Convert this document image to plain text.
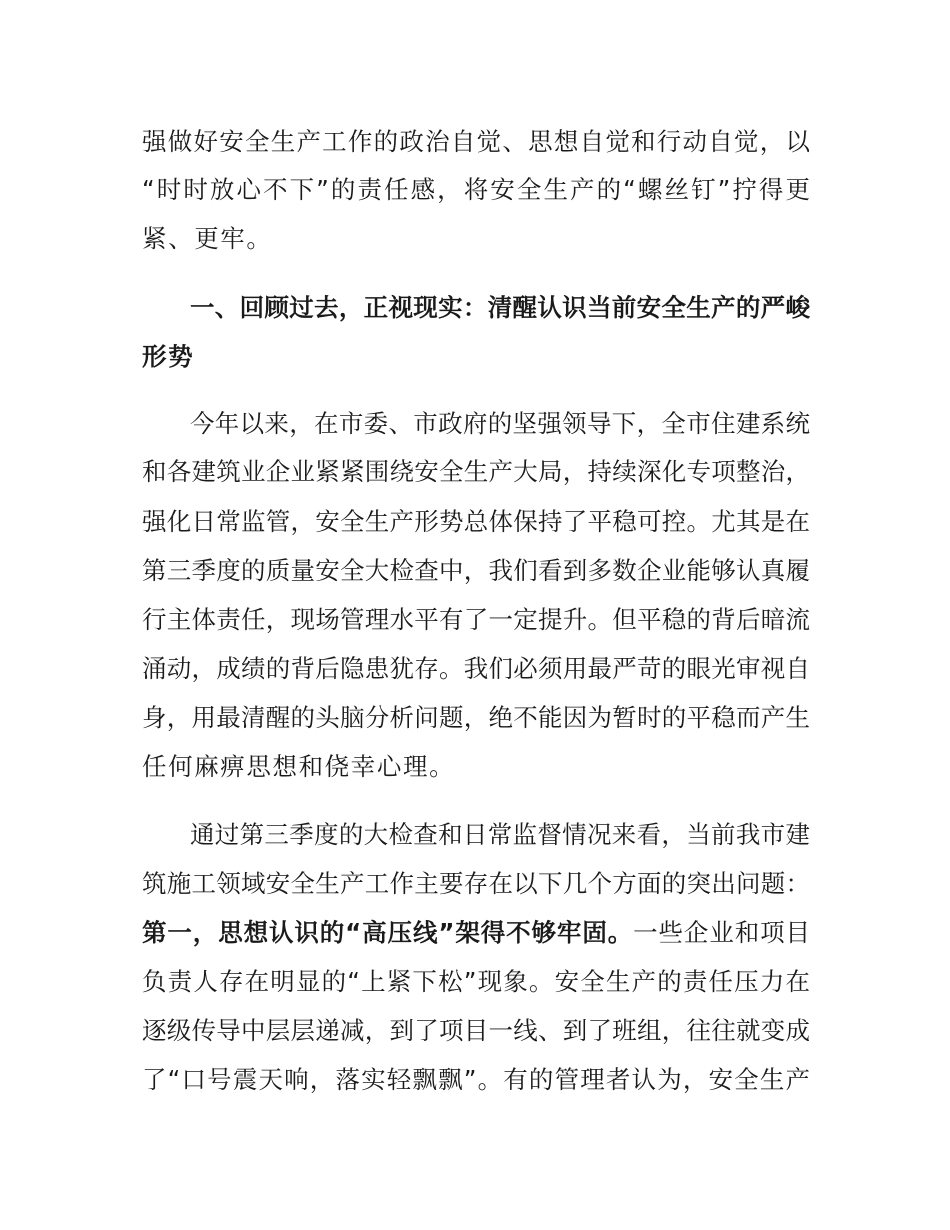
强做好安全生产工作的政治自觉、思想自觉和行动自觉，以
“时时放心不下”的责任感，将安全生产的“螺丝钉”拧得更
紧、更牢。
一、回顾过去，正视现实：清醒认识当前安全生产的严峻
形势
今年以来，在市委、市政府的坚强领导下，全市住建系统
和各建筑业企业紧紧围绕安全生产大局，持续深化专项整治，
强化日常监管，安全生产形势总体保持了平稳可控。尤其是在
第三季度的质量安全大检查中，我们看到多数企业能够认真履
行主体责任，现场管理水平有了一定提升。但平稳的背后暗流
涌动，成绩的背后隐患犹存。我们必须用最严苛的眼光审视自
身，用最清醒的头脑分析问题，绝不能因为暂时的平稳而产生
任何麻痹思想和侥幸心理。
通过第三季度的大检查和日常监督情况来看，当前我市建
筑施工领域安全生产工作主要存在以下几个方面的突出问题：
第一，思想认识的“高压线”架得不够牢固。一些企业和项目
负责人存在明显的“上紧下松”现象。安全生产的责任压力在
逐级传导中层层递减，到了项目一线、到了班组，往往就变成
了“口号震天响，落实轻飘飘”。有的管理者认为，安全生产
